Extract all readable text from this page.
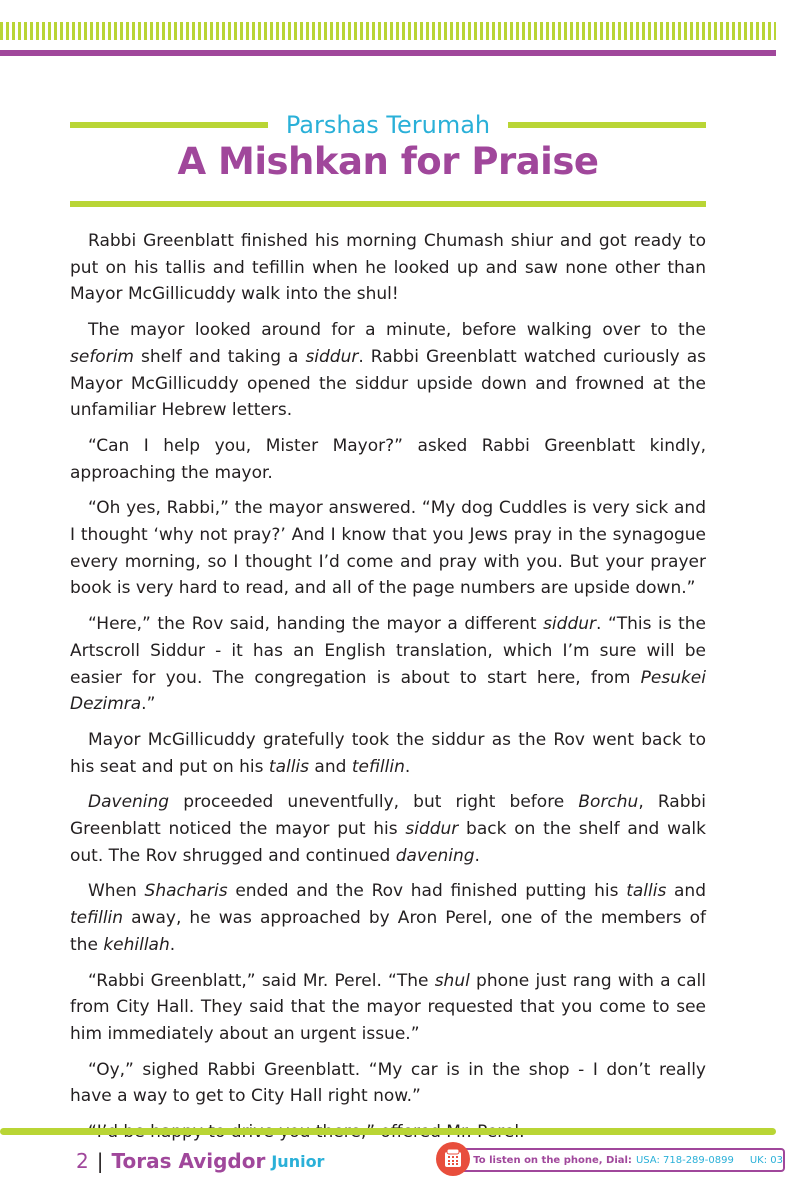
Parshas Terumah
A Mishkan for Praise

Rabbi Greenblatt finished his morning Chumash shiur and got ready to put on his tallis and tefillin when he looked up and saw none other than Mayor McGillicuddy walk into the shul!

The mayor looked around for a minute, before walking over to the seforim shelf and taking a siddur. Rabbi Greenblatt watched curiously as Mayor McGillicuddy opened the siddur upside down and frowned at the unfamiliar Hebrew letters.

“Can I help you, Mister Mayor?” asked Rabbi Greenblatt kindly, approaching the mayor.

“Oh yes, Rabbi,” the mayor answered. “My dog Cuddles is very sick and I thought ‘why not pray?’ And I know that you Jews pray in the synagogue every morning, so I thought I’d come and pray with you. But your prayer book is very hard to read, and all of the page numbers are upside down.”

“Here,” the Rov said, handing the mayor a different siddur. “This is the Artscroll Siddur - it has an English translation, which I’m sure will be easier for you. The congregation is about to start here, from Pesukei Dezimra.”

Mayor McGillicuddy gratefully took the siddur as the Rov went back to his seat and put on his tallis and tefillin.

Davening proceeded uneventfully, but right before Borchu, Rabbi Greenblatt noticed the mayor put his siddur back on the shelf and walk out. The Rov shrugged and continued davening.

When Shacharis ended and the Rov had finished putting his tallis and tefillin away, he was approached by Aron Perel, one of the members of the kehillah.

“Rabbi Greenblatt,” said Mr. Perel. “The shul phone just rang with a call from City Hall. They said that the mayor requested that you come to see him immediately about an urgent issue.”

“Oy,” sighed Rabbi Greenblatt. “My car is in the shop - I don’t really have a way to get to City Hall right now.”

2 | Toras Avigdor Junior	To listen on the phone, Dial: USA: 718-289-0899 UK: 03
